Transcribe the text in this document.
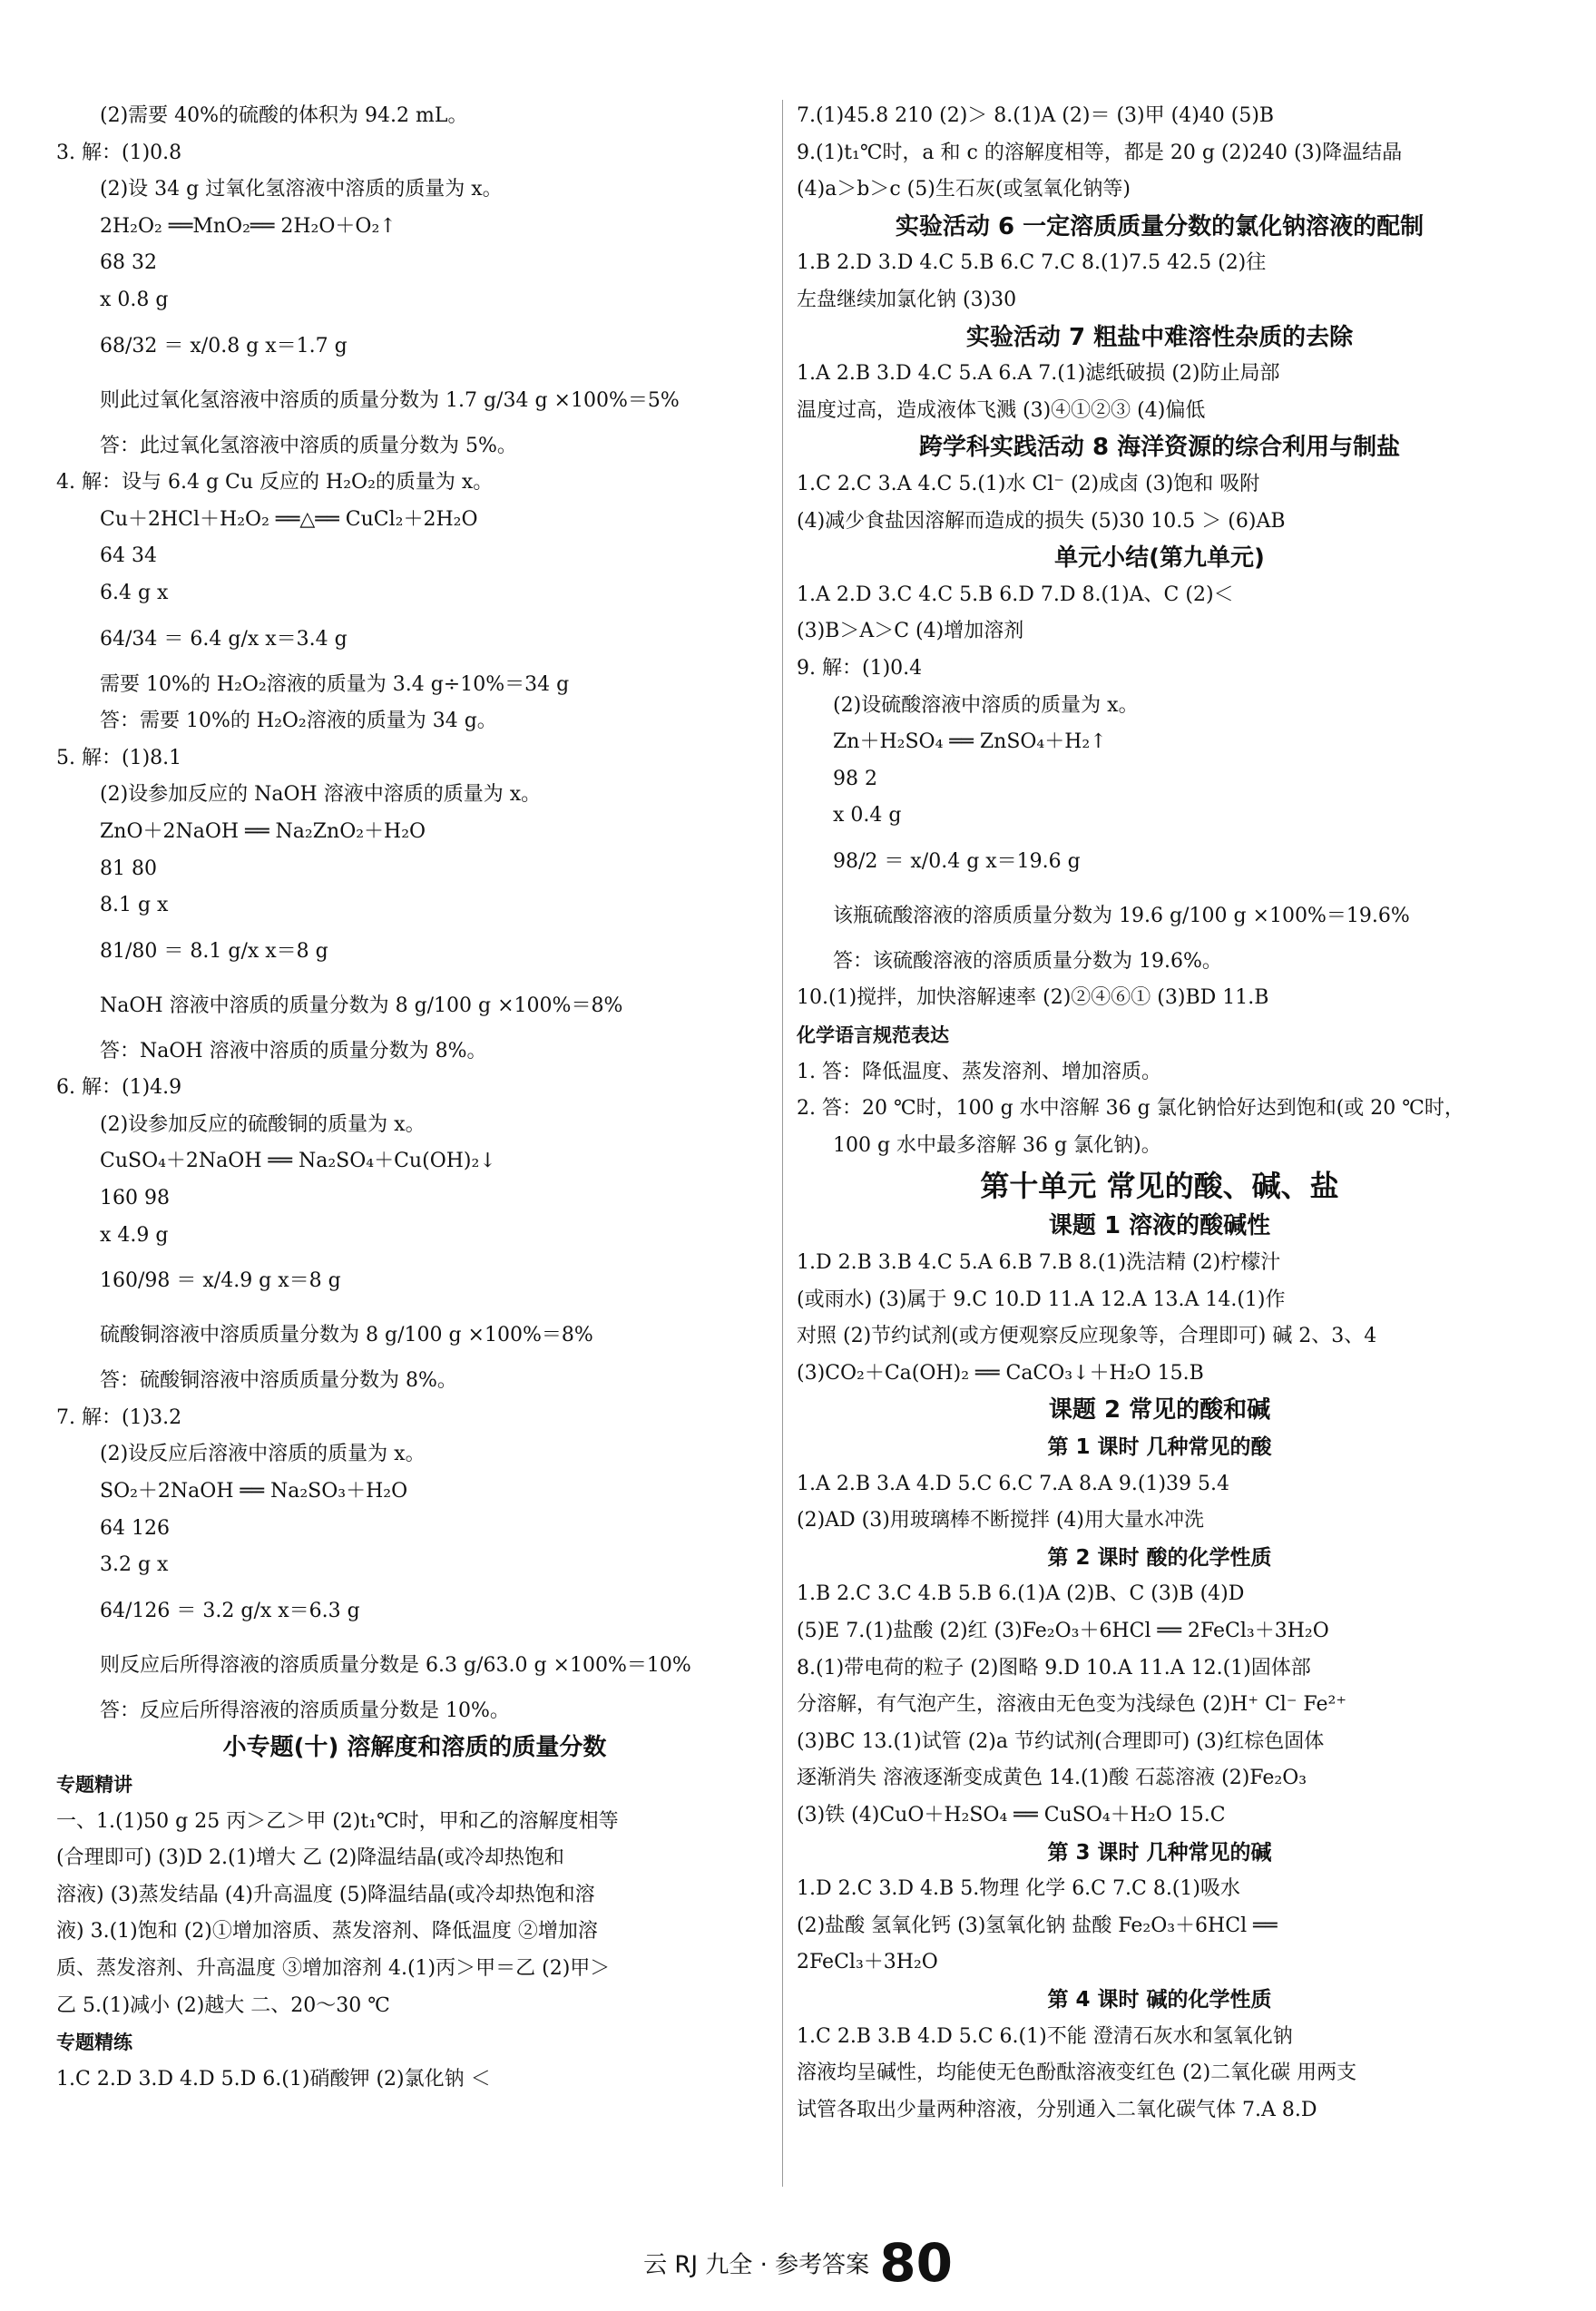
(2)需要 40%的硫酸的体积为 94.2 mL。
3. 解：(1)0.8
(2)设 34 g 过氧化氢溶液中溶质的质量为 x。
2H₂O₂ ══MnO₂══ 2H₂O＋O₂↑
68 32
x 0.8 g
68/32 ＝ x/0.8 g x＝1.7 g
则此过氧化氢溶液中溶质的质量分数为 1.7 g/34 g ×100%＝5%
答：此过氧化氢溶液中溶质的质量分数为 5%。
4. 解：设与 6.4 g Cu 反应的 H₂O₂的质量为 x。
Cu＋2HCl＋H₂O₂ ══△══ CuCl₂＋2H₂O
64 34
6.4 g x
64/34 ＝ 6.4 g/x x＝3.4 g
需要 10%的 H₂O₂溶液的质量为 3.4 g÷10%＝34 g
答：需要 10%的 H₂O₂溶液的质量为 34 g。
5. 解：(1)8.1
(2)设参加反应的 NaOH 溶液中溶质的质量为 x。
ZnO＋2NaOH ══ Na₂ZnO₂＋H₂O
81 80
8.1 g x
81/80 ＝ 8.1 g/x x＝8 g
NaOH 溶液中溶质的质量分数为 8 g/100 g ×100%＝8%
答：NaOH 溶液中溶质的质量分数为 8%。
6. 解：(1)4.9
(2)设参加反应的硫酸铜的质量为 x。
CuSO₄＋2NaOH ══ Na₂SO₄＋Cu(OH)₂↓
160 98
x 4.9 g
160/98 ＝ x/4.9 g x＝8 g
硫酸铜溶液中溶质质量分数为 8 g/100 g ×100%＝8%
答：硫酸铜溶液中溶质质量分数为 8%。
7. 解：(1)3.2
(2)设反应后溶液中溶质的质量为 x。
SO₂＋2NaOH ══ Na₂SO₃＋H₂O
64 126
3.2 g x
64/126 ＝ 3.2 g/x x＝6.3 g
则反应后所得溶液的溶质质量分数是 6.3 g/63.0 g ×100%＝10%
答：反应后所得溶液的溶质质量分数是 10%。
小专题(十) 溶解度和溶质的质量分数
专题精讲
一、1.(1)50 g 25 丙＞乙＞甲 (2)t₁℃时，甲和乙的溶解度相等
(合理即可) (3)D 2.(1)增大 乙 (2)降温结晶(或冷却热饱和
溶液) (3)蒸发结晶 (4)升高温度 (5)降温结晶(或冷却热饱和溶
液) 3.(1)饱和 (2)①增加溶质、蒸发溶剂、降低温度 ②增加溶
质、蒸发溶剂、升高温度 ③增加溶剂 4.(1)丙＞甲＝乙 (2)甲＞
乙 5.(1)减小 (2)越大 二、20～30 ℃
专题精练
1.C 2.D 3.D 4.D 5.D 6.(1)硝酸钾 (2)氯化钠 ＜
7.(1)45.8 210 (2)＞ 8.(1)A (2)＝ (3)甲 (4)40 (5)B
9.(1)t₁℃时，a 和 c 的溶解度相等，都是 20 g (2)240 (3)降温结晶
(4)a＞b＞c (5)生石灰(或氢氧化钠等)
实验活动 6 一定溶质质量分数的氯化钠溶液的配制
1.B 2.D 3.D 4.C 5.B 6.C 7.C 8.(1)7.5 42.5 (2)往
左盘继续加氯化钠 (3)30
实验活动 7 粗盐中难溶性杂质的去除
1.A 2.B 3.D 4.C 5.A 6.A 7.(1)滤纸破损 (2)防止局部
温度过高，造成液体飞溅 (3)④①②③ (4)偏低
跨学科实践活动 8 海洋资源的综合利用与制盐
1.C 2.C 3.A 4.C 5.(1)水 Cl⁻ (2)成卤 (3)饱和 吸附
(4)减少食盐因溶解而造成的损失 (5)30 10.5 ＞ (6)AB
单元小结(第九单元)
1.A 2.D 3.C 4.C 5.B 6.D 7.D 8.(1)A、C (2)＜
(3)B＞A＞C (4)增加溶剂
9. 解：(1)0.4
(2)设硫酸溶液中溶质的质量为 x。
Zn＋H₂SO₄ ══ ZnSO₄＋H₂↑
98 2
x 0.4 g
98/2 ＝ x/0.4 g x＝19.6 g
该瓶硫酸溶液的溶质质量分数为 19.6 g/100 g ×100%＝19.6%
答：该硫酸溶液的溶质质量分数为 19.6%。
10.(1)搅拌，加快溶解速率 (2)②④⑥① (3)BD 11.B
化学语言规范表达
1. 答：降低温度、蒸发溶剂、增加溶质。
2. 答：20 ℃时，100 g 水中溶解 36 g 氯化钠恰好达到饱和(或 20 ℃时，
100 g 水中最多溶解 36 g 氯化钠)。
第十单元 常见的酸、碱、盐
课题 1 溶液的酸碱性
1.D 2.B 3.B 4.C 5.A 6.B 7.B 8.(1)洗洁精 (2)柠檬汁
(或雨水) (3)属于 9.C 10.D 11.A 12.A 13.A 14.(1)作
对照 (2)节约试剂(或方便观察反应现象等，合理即可) 碱 2、3、4
(3)CO₂＋Ca(OH)₂ ══ CaCO₃↓＋H₂O 15.B
课题 2 常见的酸和碱
第 1 课时 几种常见的酸
1.A 2.B 3.A 4.D 5.C 6.C 7.A 8.A 9.(1)39 5.4
(2)AD (3)用玻璃棒不断搅拌 (4)用大量水冲洗
第 2 课时 酸的化学性质
1.B 2.C 3.C 4.B 5.B 6.(1)A (2)B、C (3)B (4)D
(5)E 7.(1)盐酸 (2)红 (3)Fe₂O₃＋6HCl ══ 2FeCl₃＋3H₂O
8.(1)带电荷的粒子 (2)图略 9.D 10.A 11.A 12.(1)固体部
分溶解，有气泡产生，溶液由无色变为浅绿色 (2)H⁺ Cl⁻ Fe²⁺
(3)BC 13.(1)试管 (2)a 节约试剂(合理即可) (3)红棕色固体
逐渐消失 溶液逐渐变成黄色 14.(1)酸 石蕊溶液 (2)Fe₂O₃
(3)铁 (4)CuO＋H₂SO₄ ══ CuSO₄＋H₂O 15.C
第 3 课时 几种常见的碱
1.D 2.C 3.D 4.B 5.物理 化学 6.C 7.C 8.(1)吸水
(2)盐酸 氢氧化钙 (3)氢氧化钠 盐酸 Fe₂O₃＋6HCl ══
2FeCl₃＋3H₂O
第 4 课时 碱的化学性质
1.C 2.B 3.B 4.D 5.C 6.(1)不能 澄清石灰水和氢氧化钠
溶液均呈碱性，均能使无色酚酞溶液变红色 (2)二氧化碳 用两支
试管各取出少量两种溶液，分别通入二氧化碳气体 7.A 8.D
云 RJ 九全 · 参考答案 80
